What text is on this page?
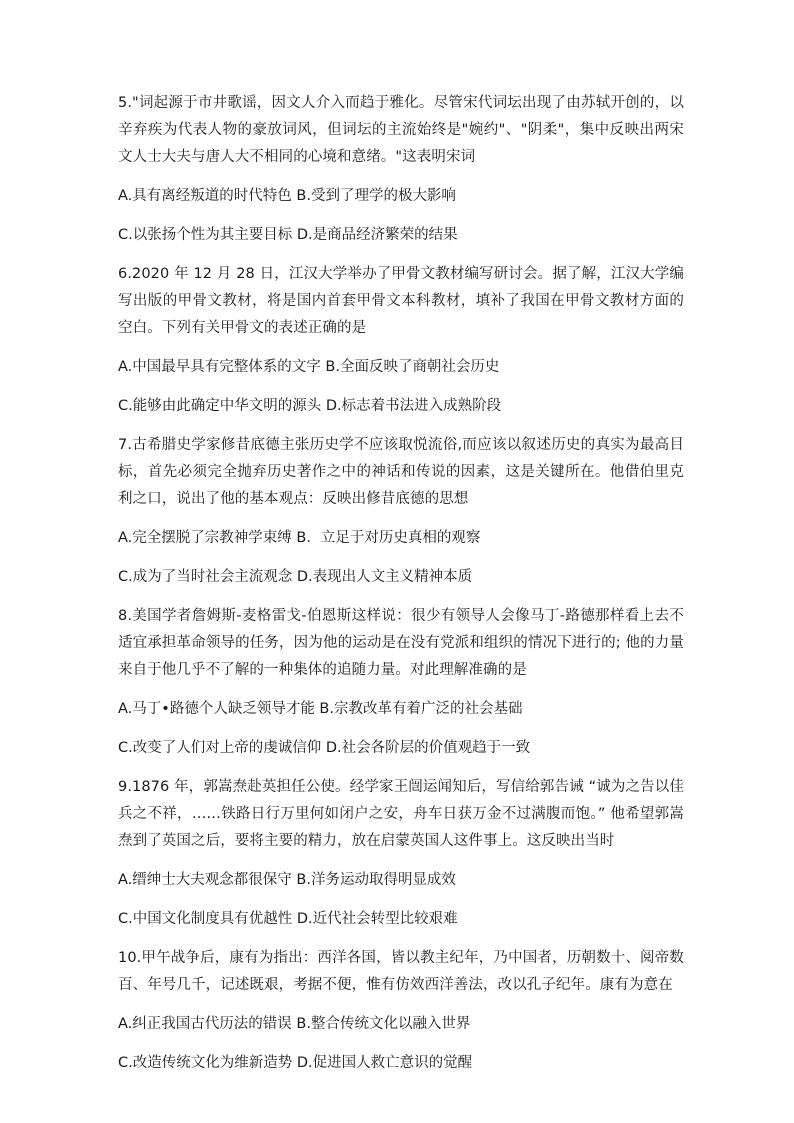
5."词起源于市井歌谣，因文人介入而趋于雅化。尽管宋代词坛出现了由苏轼开创的，以辛弃疾为代表人物的豪放词风，但词坛的主流始终是"婉约"、"阴柔"，集中反映出两宋文人士大夫与唐人大不相同的心境和意绪。"这表明宋词

A.具有离经叛道的时代特色 B.受到了理学的极大影响

C.以张扬个性为其主要目标 D.是商品经济繁荣的结果

6.2020 年 12 月 28 日，江汉大学举办了甲骨文教材编写研讨会。据了解，江汉大学编写出版的甲骨文教材，将是国内首套甲骨文本科教材，填补了我国在甲骨文教材方面的空白。下列有关甲骨文的表述正确的是

A.中国最早具有完整体系的文字 B.全面反映了商朝社会历史

C.能够由此确定中华文明的源头 D.标志着书法进入成熟阶段

7.古希腊史学家修昔底德主张历史学不应该取悦流俗,而应该以叙述历史的真实为最高目标，首先必须完全抛弃历史著作之中的神话和传说的因素，这是关键所在。他借伯里克利之口，说出了他的基本观点：反映出修昔底德的思想

A.完全摆脱了宗教神学束缚 B．立足于对历史真相的观察

C.成为了当时社会主流观念 D.表现出人文主义精神本质

8.美国学者詹姆斯-麦格雷戈-伯恩斯这样说：很少有领导人会像马丁-路德那样看上去不适宜承担革命领导的任务，因为他的运动是在没有党派和组织的情况下进行的; 他的力量来自于他几乎不了解的一种集体的追随力量。对此理解准确的是

A.马丁•路德个人缺乏领导才能 B.宗教改革有着广泛的社会基础

C.改变了人们对上帝的虔诚信仰 D.社会各阶层的价值观趋于一致

9.1876 年，郭嵩焘赴英担任公使。经学家王闿运闻知后，写信给郭告诫 “诚为之告以佳兵之不祥，……铁路日行万里何如闭户之安，舟车日获万金不过满腹而饱。” 他希望郭嵩焘到了英国之后，要将主要的精力，放在启蒙英国人这件事上。这反映出当时

A.缙绅士大夫观念都很保守 B.洋务运动取得明显成效

C.中国文化制度具有优越性 D.近代社会转型比较艰难

10.甲午战争后，康有为指出：西洋各国，皆以教主纪年，乃中国者，历朝数十、阅帝数百、年号几千，记述既艰，考据不便，惟有仿效西洋善法，改以孔子纪年。康有为意在

A.纠正我国古代历法的错误 B.整合传统文化以融入世界

C.改造传统文化为维新造势 D.促进国人救亡意识的觉醒
